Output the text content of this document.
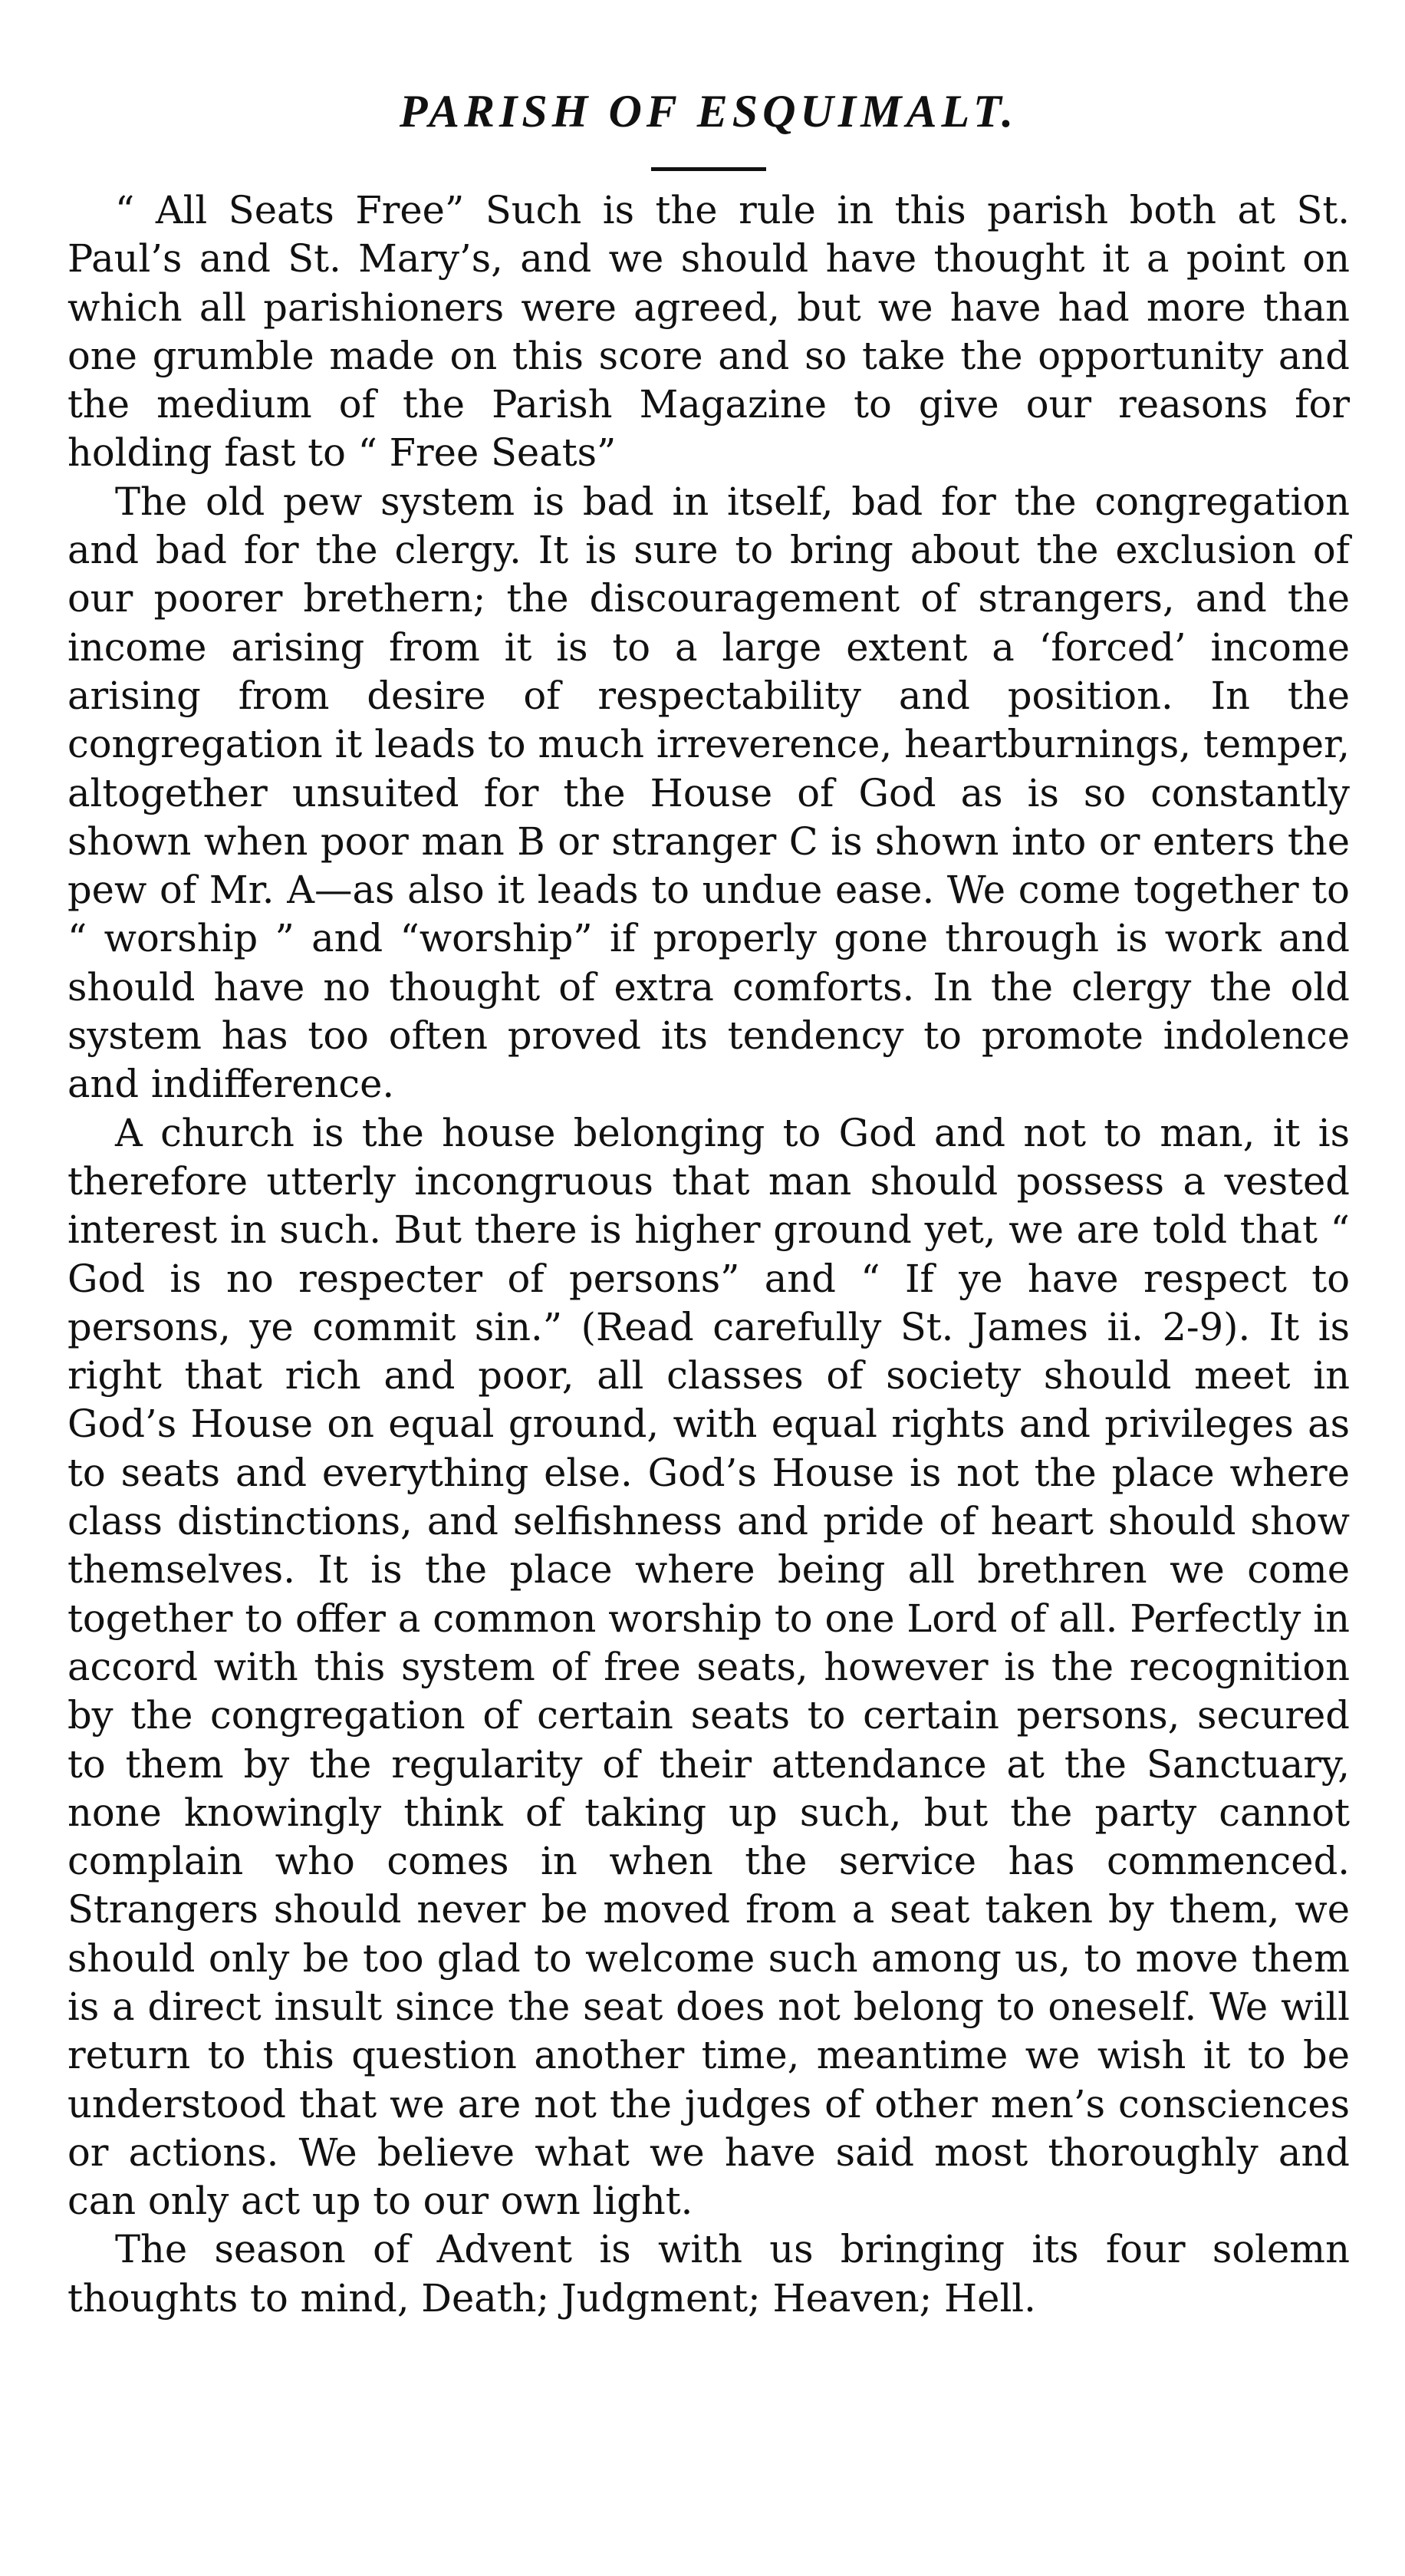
PARISH OF ESQUIMALT.

“ All Seats Free” Such is the rule in this parish both at St. Paul’s and St. Mary’s, and we should have thought it a point on which all parishioners were agreed, but we have had more than one grumble made on this score and so take the opportunity and the medium of the Parish Magazine to give our reasons for holding fast to “ Free Seats”

The old pew system is bad in itself, bad for the congregation and bad for the clergy. It is sure to bring about the exclusion of our poorer brethern; the discouragement of strangers, and the income arising from it is to a large extent a ‘forced’ income arising from desire of respectability and position. In the congregation it leads to much irreverence, heartburnings, temper, altogether unsuited for the House of God as is so constantly shown when poor man B or stranger C is shown into or enters the pew of Mr. A—as also it leads to undue ease. We come together to “ worship ” and “worship” if properly gone through is work and should have no thought of extra comforts. In the clergy the old system has too often proved its tendency to promote indolence and indifference.

A church is the house belonging to God and not to man, it is therefore utterly incongruous that man should possess a vested interest in such. But there is higher ground yet, we are told that “ God is no respecter of persons” and “ If ye have respect to persons, ye commit sin.” (Read carefully St. James ii. 2-9). It is right that rich and poor, all classes of society should meet in God’s House on equal ground, with equal rights and privileges as to seats and everything else. God’s House is not the place where class distinctions, and selfishness and pride of heart should show themselves. It is the place where being all brethren we come together to offer a common worship to one Lord of all. Perfectly in accord with this system of free seats, however is the recognition by the congregation of certain seats to certain persons, secured to them by the regularity of their attendance at the Sanctuary, none knowingly think of taking up such, but the party cannot complain who comes in when the service has commenced. Strangers should never be moved from a seat taken by them, we should only be too glad to welcome such among us, to move them is a direct insult since the seat does not belong to oneself. We will return to this question another time, meantime we wish it to be understood that we are not the judges of other men’s consciences or actions. We believe what we have said most thoroughly and can only act up to our own light.

The season of Advent is with us bringing its four solemn thoughts to mind, Death; Judgment; Heaven; Hell.
